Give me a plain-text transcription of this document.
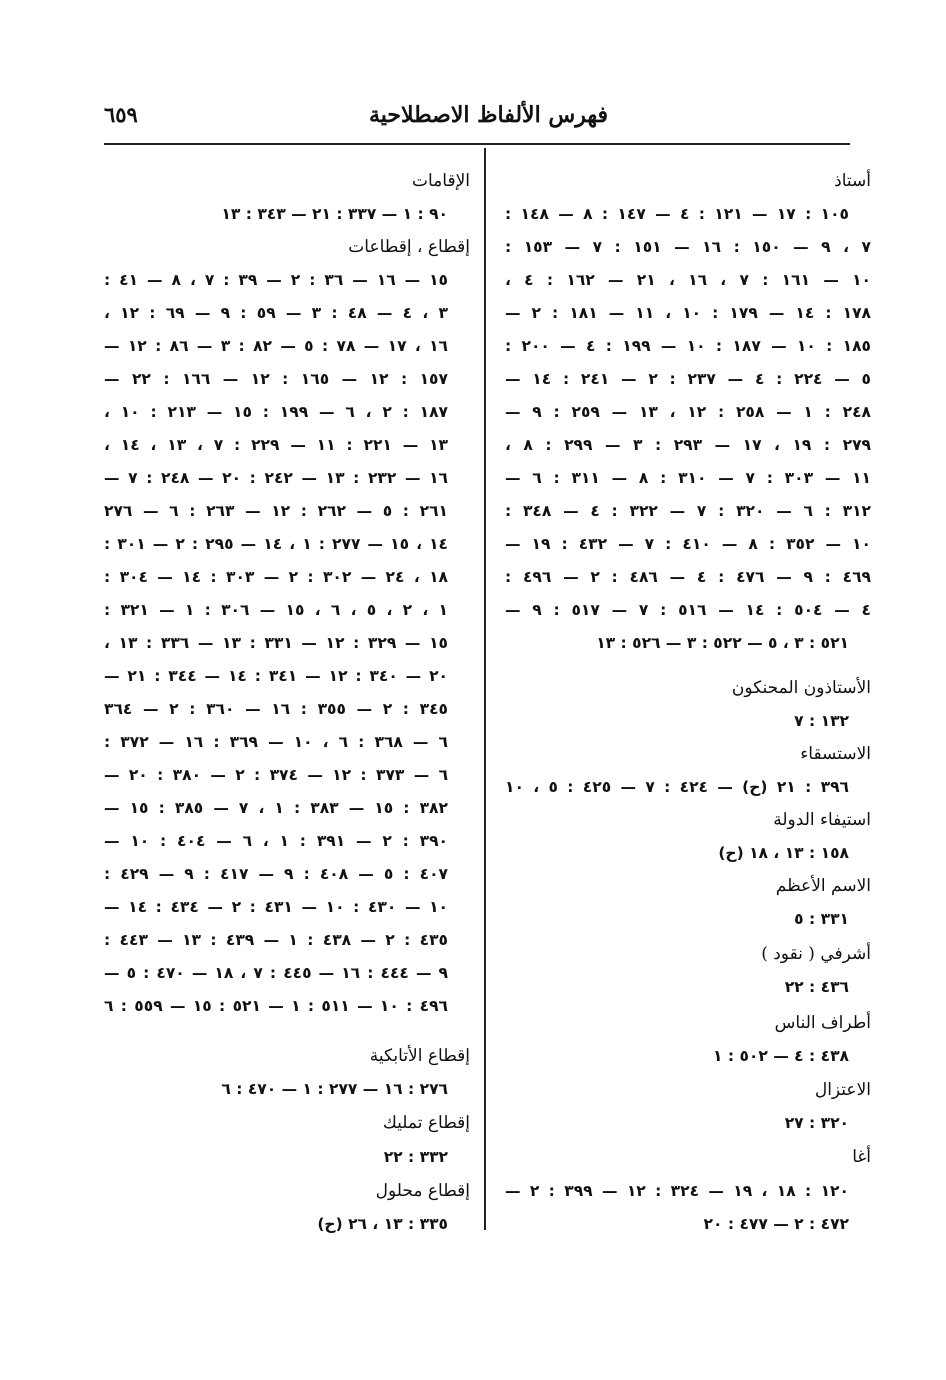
فهرس الألفاظ الاصطلاحية
٦٥٩
أستاذ
١٠٥ : ١٧ — ١٢١ : ٤ — ١٤٧ : ٨ — ١٤٨ :
٧ ، ٩ — ١٥٠ : ١٦ — ١٥١ : ٧ — ١٥٣ :
١٠ — ١٦١ : ٧ ، ١٦ ، ٢١ — ١٦٢ : ٤ ،
١٧٨ : ١٤ — ١٧٩ : ١٠ ، ١١ — ١٨١ : ٢ —
١٨٥ : ١٠ — ١٨٧ : ١٠ — ١٩٩ : ٤ — ٢٠٠ :
٥ — ٢٢٤ : ٤ — ٢٣٧ : ٢ — ٢٤١ : ١٤ —
٢٤٨ : ١ — ٢٥٨ : ١٢ ، ١٣ — ٢٥٩ : ٩ —
٢٧٩ : ١٩ ، ١٧ — ٢٩٣ : ٣ — ٢٩٩ : ٨ ،
١١ — ٣٠٣ : ٧ — ٣١٠ : ٨ — ٣١١ : ٦ —
٣١٢ : ٦ — ٣٢٠ : ٧ — ٣٢٢ : ٤ — ٣٤٨ :
١٠ — ٣٥٢ : ٨ — ٤١٠ : ٧ — ٤٣٢ : ١٩ —
٤٦٩ : ٩ — ٤٧٦ : ٤ — ٤٨٦ : ٢ — ٤٩٦ :
٤ — ٥٠٤ : ١٤ — ٥١٦ : ٧ — ٥١٧ : ٩ —
٥٢١ : ٣ ، ٥ — ٥٢٢ : ٣ — ٥٢٦ : ١٣
الأستاذون المحنكون
١٣٢ : ٧
الاستسقاء
٣٩٦ : ٢١ (ح) — ٤٢٤ : ٧ — ٤٢٥ : ٥ ، ١٠
استيفاء الدولة
١٥٨ : ١٣ ، ١٨ (ح)
الاسم الأعظم
٣٣١ : ٥
أشرفي ( نقود )
٤٣٦ : ٢٢
أطراف الناس
٤٣٨ : ٤ — ٥٠٢ : ١
الاعتزال
٣٢٠ : ٢٧
أغا
١٢٠ : ١٨ ، ١٩ — ٣٢٤ : ١٢ — ٣٩٩ : ٢ —
٤٧٢ : ٢ — ٤٧٧ : ٢٠
الإقامات
٩٠ : ١ — ٣٣٧ : ٢١ — ٣٤٣ : ١٣
إقطاع ، إقطاعات
١٥ — ١٦ — ٣٦ : ٢ — ٣٩ : ٧ ، ٨ — ٤١ :
٣ ، ٤ — ٤٨ : ٣ — ٥٩ : ٩ — ٦٩ : ١٢ ،
١٦ ، ١٧ — ٧٨ : ٥ — ٨٢ : ٣ — ٨٦ : ١٢ —
١٥٧ : ١٢ — ١٦٥ : ١٢ — ١٦٦ : ٢٢ —
١٨٧ : ٢ ، ٦ — ١٩٩ : ١٥ — ٢١٣ : ١٠ ،
١٣ — ٢٢١ : ١١ — ٢٢٩ : ٧ ، ١٣ ، ١٤ ،
١٦ — ٢٣٢ : ١٣ — ٢٤٢ : ٢٠ — ٢٤٨ : ٧ —
٢٦١ : ٥ — ٢٦٢ : ١٢ — ٢٦٣ : ٦ — ٢٧٦
١٤ ، ١٥ — ٢٧٧ : ١ ، ١٤ — ٢٩٥ : ٢ — ٣٠١ :
١٨ ، ٢٤ — ٣٠٢ : ٢ — ٣٠٣ : ١٤ — ٣٠٤ :
١ ، ٢ ، ٥ ، ٦ ، ١٥ — ٣٠٦ : ١ — ٣٢١ :
١٥ — ٣٢٩ : ١٢ — ٣٣١ : ١٣ — ٣٣٦ : ١٣ ،
٢٠ — ٣٤٠ : ١٢ — ٣٤١ : ١٤ — ٣٤٤ : ٢١ —
٣٤٥ : ٢ — ٣٥٥ : ١٦ — ٣٦٠ : ٢ — ٣٦٤
٦ — ٣٦٨ : ٦ ، ١٠ — ٣٦٩ : ١٦ — ٣٧٢ :
٦ — ٣٧٣ : ١٢ — ٣٧٤ : ٢ — ٣٨٠ : ٢٠ —
٣٨٢ : ١٥ — ٣٨٣ : ١ ، ٧ — ٣٨٥ : ١٥ —
٣٩٠ : ٢ — ٣٩١ : ١ ، ٦ — ٤٠٤ : ١٠ —
٤٠٧ : ٥ — ٤٠٨ : ٩ — ٤١٧ : ٩ — ٤٢٩ :
١٠ — ٤٣٠ : ١٠ — ٤٣١ : ٢ — ٤٣٤ : ١٤ —
٤٣٥ : ٢ — ٤٣٨ : ١ — ٤٣٩ : ١٣ — ٤٤٣ :
٩ — ٤٤٤ : ١٦ — ٤٤٥ : ٧ ، ١٨ — ٤٧٠ : ٥ —
٤٩٦ : ١٠ — ٥١١ : ١ — ٥٢١ : ١٥ — ٥٥٩ : ٦
إقطاع الأتابكية
٢٧٦ : ١٦ — ٢٧٧ : ١ — ٤٧٠ : ٦
إقطاع تمليك
٣٣٢ : ٢٢
إقطاع محلول
٣٣٥ : ١٣ ، ٢٦ (ح)
